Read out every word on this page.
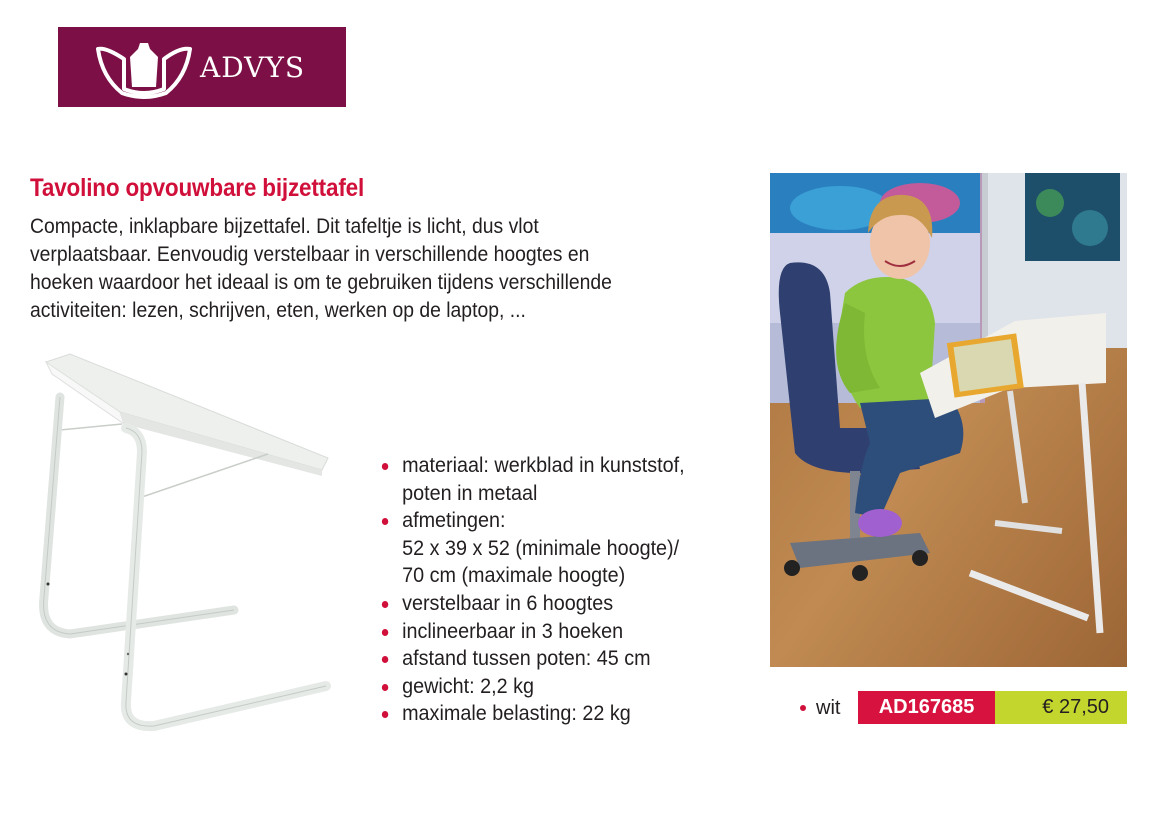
ADVYS
Tavolino opvouwbare bijzettafel
Compacte, inklapbare bijzettafel. Dit tafeltje is licht, dus vlot
verplaatsbaar. Eenvoudig verstelbaar in verschillende hoogtes en
hoeken waardoor het ideaal is om te gebruiken tijdens verschillende
activiteiten: lezen, schrijven, eten, werken op de laptop, ...
materiaal: werkblad in kunststof,
poten in metaal
afmetingen:
52 x 39 x 52 (minimale hoogte)/
70 cm (maximale hoogte)
verstelbaar in 6 hoogtes
inclineerbaar in 3 hoeken
afstand tussen poten: 45 cm
gewicht: 2,2 kg
maximale belasting: 22 kg	wit	AD167685	€ 27,50
